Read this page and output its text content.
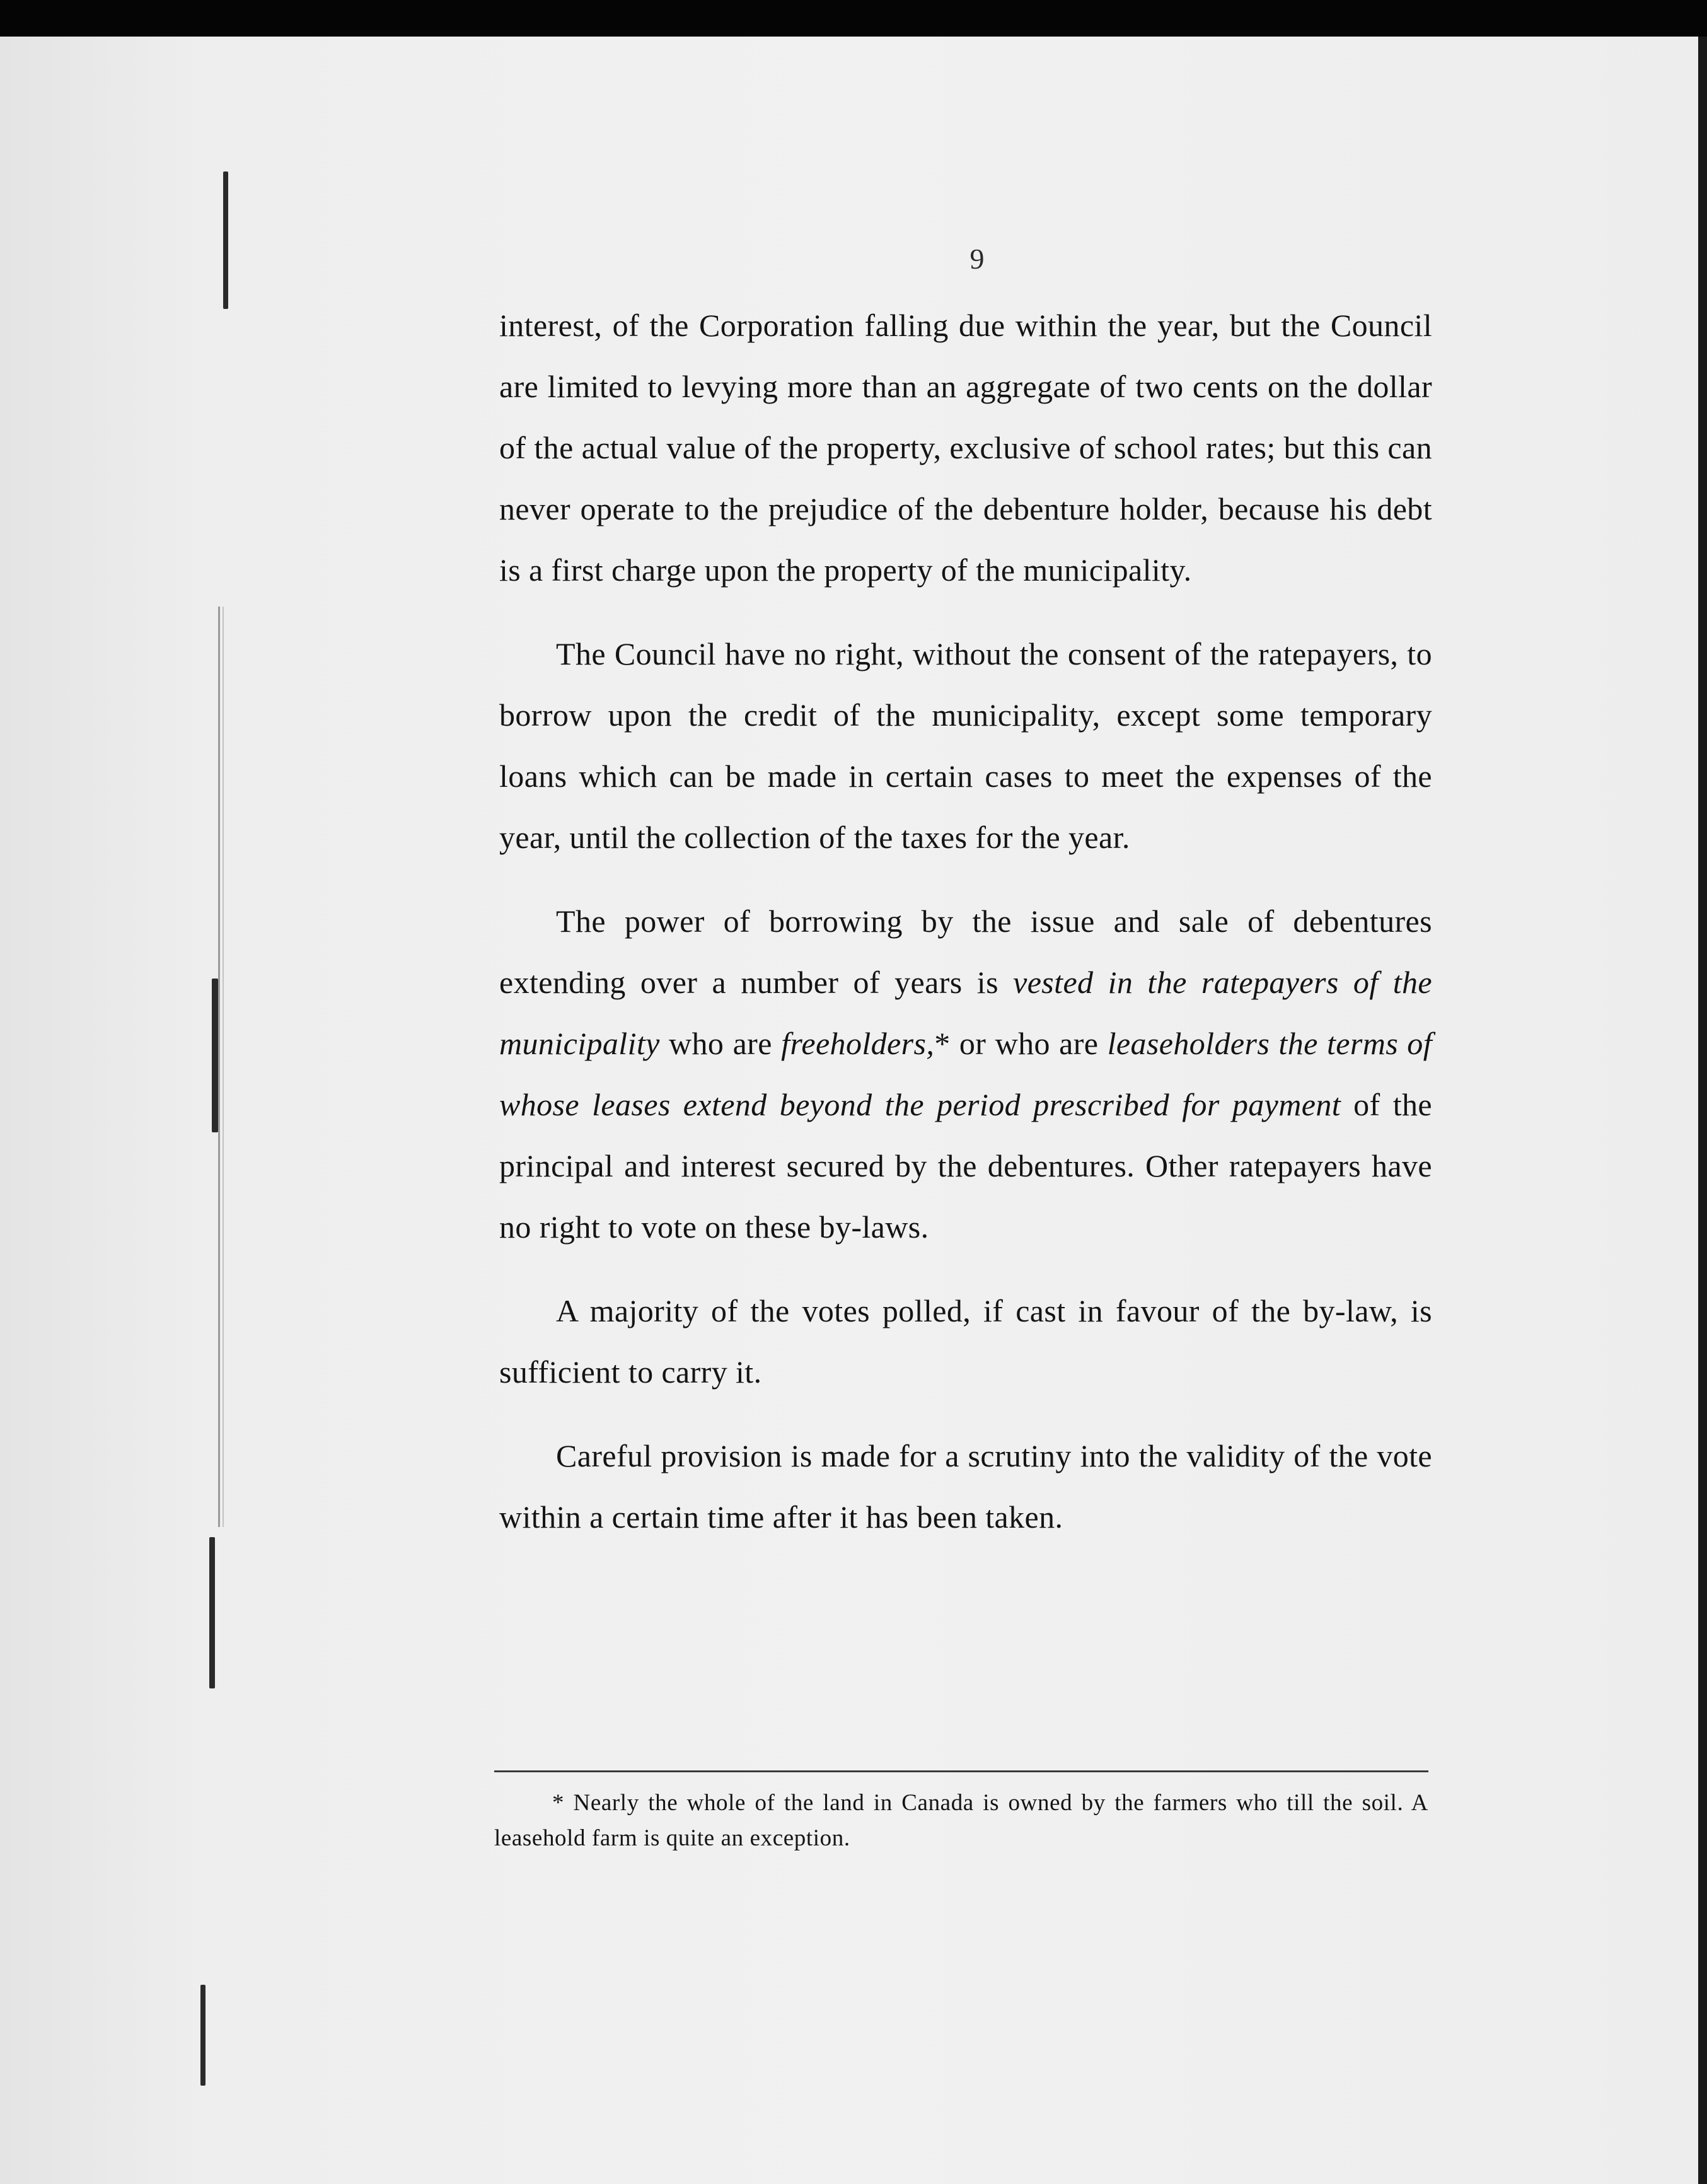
9

interest, of the Corporation falling due within the year, but the Council are limited to levying more than an aggregate of two cents on the dollar of the actual value of the property, exclusive of school rates; but this can never operate to the prejudice of the debenture holder, because his debt is a first charge upon the property of the municipality.

The Council have no right, without the consent of the ratepayers, to borrow upon the credit of the municipality, except some temporary loans which can be made in certain cases to meet the expenses of the year, until the collection of the taxes for the year.

The power of borrowing by the issue and sale of debentures extending over a number of years is vested in the ratepayers of the municipality who are freeholders,* or who are leaseholders the terms of whose leases extend beyond the period prescribed for payment of the principal and interest secured by the debentures. Other ratepayers have no right to vote on these by-laws.

A majority of the votes polled, if cast in favour of the by-law, is sufficient to carry it.

Careful provision is made for a scrutiny into the validity of the vote within a certain time after it has been taken.

* Nearly the whole of the land in Canada is owned by the farmers who till the soil. A leasehold farm is quite an exception.
